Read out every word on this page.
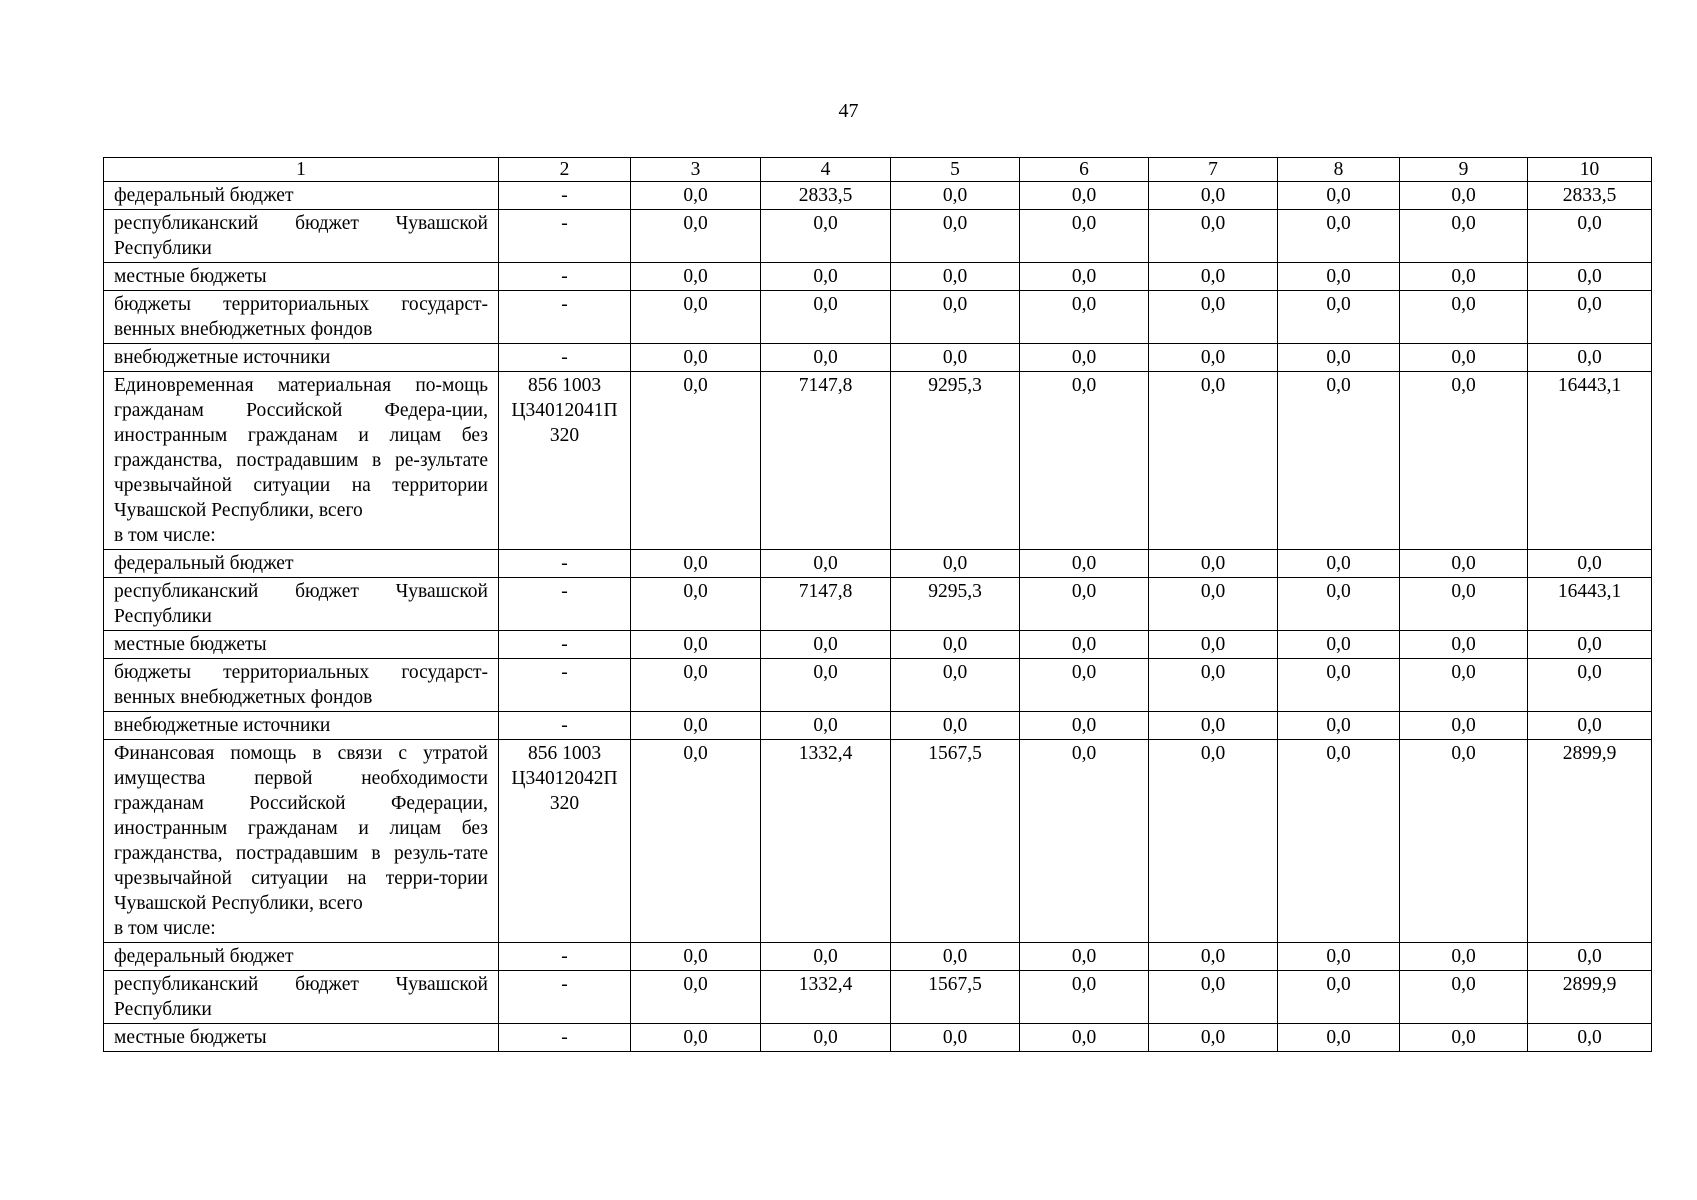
47
1	2	3	4	5	6	7	8	9	10
федеральный бюджет	-	0,0	2833,5	0,0	0,0	0,0	0,0	0,0	2833,5
республиканский бюджет Чувашской Республики	-	0,0	0,0	0,0	0,0	0,0	0,0	0,0	0,0
местные бюджеты	-	0,0	0,0	0,0	0,0	0,0	0,0	0,0	0,0
бюджеты территориальных государст-венных внебюджетных фондов	-	0,0	0,0	0,0	0,0	0,0	0,0	0,0	0,0
внебюджетные источники	-	0,0	0,0	0,0	0,0	0,0	0,0	0,0	0,0
Единовременная материальная по-мощь гражданам Российской Федера-ции, иностранным гражданам и лицам без гражданства, пострадавшим в ре-зультате чрезвычайной ситуации на территории Чувашской Республики, всего
в том числе:	856 1003 Ц34012041П 320	0,0	7147,8	9295,3	0,0	0,0	0,0	0,0	16443,1
федеральный бюджет	-	0,0	0,0	0,0	0,0	0,0	0,0	0,0	0,0
республиканский бюджет Чувашской Республики	-	0,0	7147,8	9295,3	0,0	0,0	0,0	0,0	16443,1
местные бюджеты	-	0,0	0,0	0,0	0,0	0,0	0,0	0,0	0,0
бюджеты территориальных государст-венных внебюджетных фондов	-	0,0	0,0	0,0	0,0	0,0	0,0	0,0	0,0
внебюджетные источники	-	0,0	0,0	0,0	0,0	0,0	0,0	0,0	0,0
Финансовая помощь в связи с утратой имущества первой необходимости гражданам Российской Федерации, иностранным гражданам и лицам без гражданства, пострадавшим в резуль-тате чрезвычайной ситуации на терри-тории Чувашской Республики, всего
в том числе:	856 1003 Ц34012042П 320	0,0	1332,4	1567,5	0,0	0,0	0,0	0,0	2899,9
федеральный бюджет	-	0,0	0,0	0,0	0,0	0,0	0,0	0,0	0,0
республиканский бюджет Чувашской Республики	-	0,0	1332,4	1567,5	0,0	0,0	0,0	0,0	2899,9
местные бюджеты	-	0,0	0,0	0,0	0,0	0,0	0,0	0,0	0,0
